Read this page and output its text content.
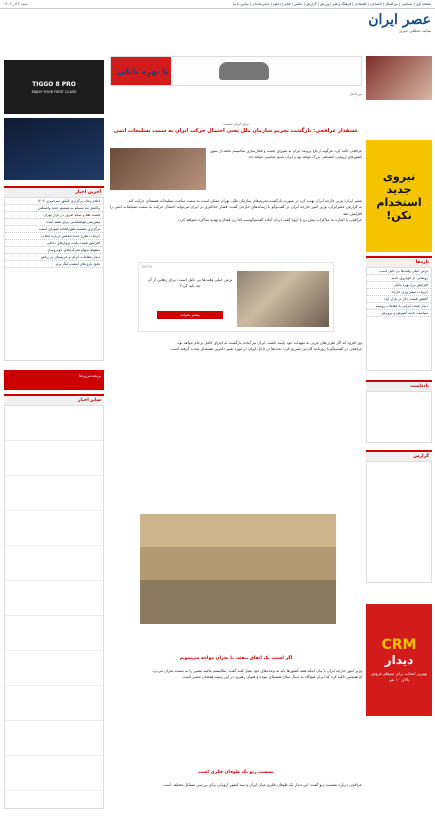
صفحه اول | سیاسی | بین‌الملل | اجتماعی | اقتصادی | فرهنگ و هنر | ورزش | گزارش | عکس | فیلم | دانلود | چندرسانه‌ای | تماس با ما
شنبه ۳ آذر ۱۴۰۳
عصر ایران
سایت تحلیلی خبری
فرصت ویژه
با بهره بانکی
TIGGO 8 PRO
ENJOY YOUR FIRST CLASS
آخرین اخبار

اعلام زمان برگزاری کنکور سراسری ۱۴۰۴

واکنش تند مسکو به تصمیم جدید واشنگتن

قیمت طلا و سکه امروز در بازار تهران

پیش‌بینی هواشناسی برای هفته آینده

برگزاری نشست فوق‌العاده شورای امنیت

جزئیات طرح جدید مجلس درباره حجاب

افزایش قیمت بلیت پروازهای داخلی

سقوط سهام شرکت‌های خودروساز

دیدار مقامات ایران و عربستان در ریاض

نتایج بازی‌های امشب لیگ برتر

پربحث‌ترین‌ها
سایر اخبار
بین‌الملل
برای ایران نیست
عشقدار عراقچی: بازگشت تحریم سازمان ملل یعنی احتمال حرکت ایران به سمت تسلیحات اتمی
عراقچی تاکید کرد: هرگونه ارجاع پرونده ایران به شورای امنیت و فعال‌سازی مکانیسم ماشه از سوی کشورهای اروپایی، اشتباهی بزرگ خواهد بود و ایران پاسخ مناسبی خواهد داد.

عصر ایران؛ وزیر خارجه ایران تهدید کرد در صورت بازگشت تحریم‌های سازمان ملل، تهران ممکن است به سمت ساخت تسلیحات هسته‌ای حرکت کند.

به گزارش عصرایران، وزیر امور خارجه ایران در گفت‌وگو با رسانه‌های خارجی گفت: فشار حداکثری بر ایران می‌تواند احتمال حرکت به سمت تسلیحات اتمی را افزایش دهد.

عراقچی با اشاره به مذاکرات پیش رو با اروپا گفت ایران آماده گفت‌وگوست اما زیر فشار و تهدید مذاکره نخواهد کرد.

TAP30
ترس خیلی وقت‌ها بی دلیل است؛ برای رهایی از آن چه باید کرد؟
بیشتر بخوانید

وی افزود که اگر طرف‌های غربی به تعهدات خود پایبند باشند، ایران نیز آماده بازگشت به اجرای کامل برجام خواهد بود.

عراقچی در گفت‌وگو با روزنامه گاردین تصریح کرد: بحث‌ها در داخل ایران در مورد تغییر دکترین هسته‌ای شدت گرفته است.

اگر اسنپ بک اتفاق بیفتد، با بحران مواجه می‌شویم

وزیر امور خارجه ایران با بیان اینکه همه کشورها باید به وعده‌های خود عمل کنند گفت: مکانیسم ماشه مسیر را به سمت بحران می‌برد.

او همچنین تاکید کرد که ایران هیچ‌گاه به دنبال سلاح هسته‌ای نبوده و فتوای رهبری در این زمینه همچنان معتبر است.

نشست ژنو یک طوفان فکری است

عراقچی درباره نشست ژنو گفت: این دیدار یک طوفان فکری میان ایران و سه کشور اروپایی برای بررسی مسائل مختلف است.

نیروی
جدید
استخدام
نکن!
تازه‌ها

ترس خیلی وقت‌ها بی دلیل است

رونمایی از خودروی جدید

افزایش نرخ بهره بانکی

جزییات سفر وزیر خارجه

کاهش قیمت دلار در بازار آزاد

دیدار هیئت ایرانی با مقامات روسیه

سیاست جدید آموزش و پرورش

یادداشت
گزارش
CRM
دیدار
بهترین انتخاب برای تیم‌های فروش بالای ۱۰ نفر
